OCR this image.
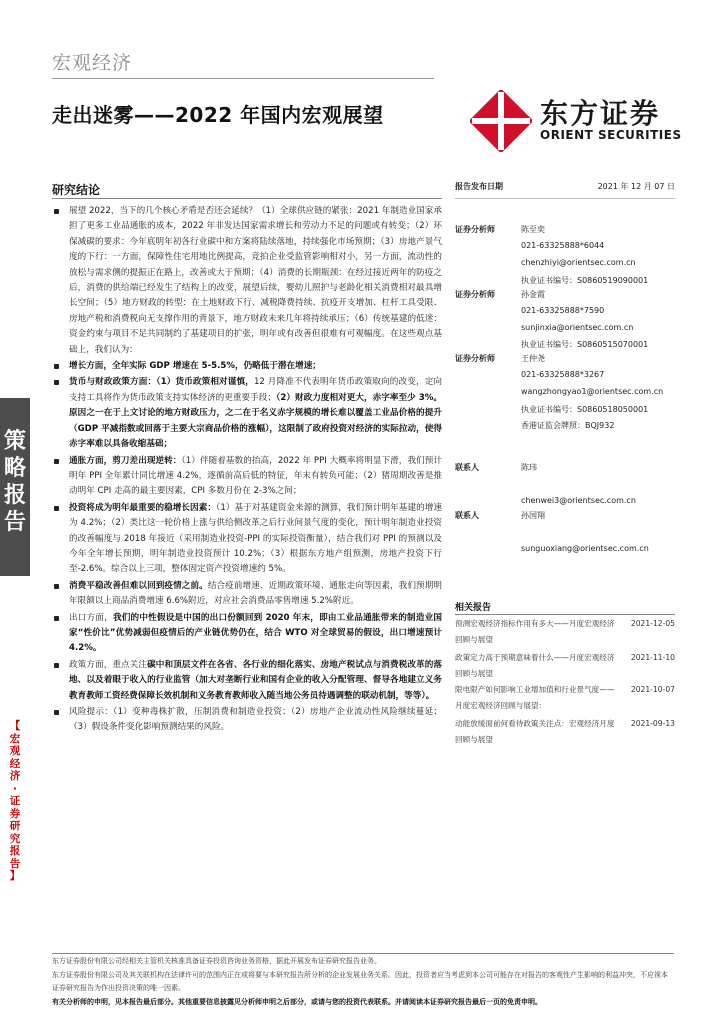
宏观经济
走出迷雾——2022 年国内宏观展望	东方证券
ORIENT SECURITIES
研究结论
策
略
报
告
【
宏
观
经
济
·
证
券
研
究
报
告
】
展望 2022，当下的几个核心矛盾是否还会延续？（1）全球供应链的紧张：2021 年制造业国家承担了更多工业品通胀的成本，2022 年非发达国家需求增长和劳动力不足的问题或有转变；（2）环保减碳的要求：今年底明年初各行业碳中和方案将陆续落地，持续强化市场预期；（3）房地产景气度的下行：一方面，保障性住宅用地比例提高，竞拍企业受监管影响相对小，另一方面，流动性的放松与需求侧的提振正在路上，改善或大于预期；（4）消费的长期瓶颈：在经过接近两年的防疫之后，消费的供给端已经发生了结构上的改变，展望后续，婴幼儿照护与老龄化相关消费相对最具增长空间；（5）地方财政的转型：在土地财政下行、减税降费持续、抗疫开支增加、杠杆工具受限、房地产税和消费税向无支撑作用的背景下，地方财政未来几年将持续承压；（6）传统基建的低迷：资金约束与项目不足共同制约了基建项目的扩张，明年或有改善但很难有可观幅度。在这些观点基础上，我们认为：
增长方面，全年实际 GDP 增速在 5-5.5%，仍略低于潜在增速；
货币与财政政策方面：（1）货币政策相对谨慎，12 月降准不代表明年货币政策取向的改变，定向支持工具将作为货币政策支持实体经济的更重要手段；（2）财政力度相对更大，赤字率至少 3%。原因之一在于上文讨论的地方财政压力，之二在于名义赤字规模的增长难以覆盖工业品价格的提升（GDP 平减指数或回落于主要大宗商品价格的涨幅），这限制了政府投资对经济的实际拉动，使得赤字率难以具备收缩基础；
通胀方面，剪刀差出现逆转：（1）伴随着基数的抬高，2022 年 PPI 大概率将明显下滑，我们预计明年 PPI 全年累计同比增速 4.2%，逐循前高后低的特征，年末有转负可能；（2）猪周期改善是推动明年 CPI 走高的最主要因素，CPI 多数月份在 2-3%之间；
投资将成为明年最重要的稳增长因素：（1）基于对基建资金来源的测算，我们预计明年基建的增速为 4.2%；（2）类比这一轮价格上涨与供给侧改革之后行业间景气度的变化，预计明年制造业投资的改善幅度与 2018 年接近（采用制造业投资-PPI 的实际投资衡量），结合我们对 PPI 的预测以及今年全年增长预期，明年制造业投资预计 10.2%；（3）根据东方地产组预测，房地产投资下行至-2.6%。综合以上三项，整体固定资产投资增速约 5%。
消费平稳改善但难以回到疫情之前。结合疫前增速、近期政策环境、通胀走向等因素，我们预期明年限额以上商品消费增速 6.6%附近，对应社会消费品零售增速 5.2%附近。
出口方面，我们的中性假设是中国的出口份额回到 2020 年末，即由工业品通胀带来的制造业国家“性价比”优势减弱但疫情后的产业链优势仍在，结合 WTO 对全球贸易的假设，出口增速预计 4.2%。
政策方面，重点关注碳中和顶层文件在各省、各行业的细化落实、房地产税试点与消费税改革的落地、以及着眼于收入的行业监管（加大对垄断行业和国有企业的收入分配管理、督导各地建立义务教育教师工资经费保障长效机制和义务教育教师收入随当地公务员待遇调整的联动机制，等等）。
风险提示：（1）变种毒株扩散，压制消费和制造业投资；（2）房地产企业流动性风险继续蔓延；（3）假设条件变化影响预测结果的风险。
报告发布日期	2021 年 12 月 07 日
证券分析师	陈至奕
021-63325888*6044
chenzhiyi@orientsec.com.cn
执业证书编号：S0860519090001
证券分析师	孙金霞
021-63325888*7590
sunjinxia@orientsec.com.cn
执业证书编号：S0860515070001
证券分析师	王仲尧
021-63325888*3267
wangzhongyao1@orientsec.com.cn
执业证书编号：S0860518050001
香港证监会牌照：BQJ932
联系人	陈玮
chenwei3@orientsec.com.cn
联系人	孙国翔
sunguoxiang@orientsec.com.cn
相关报告
预测宏观经济指标作用有多大——月度宏观经济回顾与展望
2021-12-05
政策定力高于预期意味着什么——月度宏观经济回顾与展望
2021-11-10
限电限产如何影响工业增加值和行业景气度——月度宏观经济回顾与展望：
2021-10-07
动能放缓面前何看待政策关注点：宏观经济月度回顾与展望
2021-09-13
东方证券股份有限公司经相关主管机关核准具备证券投资咨询业务资格，据此开展发布证券研究报告业务。
东方证券股份有限公司及其关联机构在法律许可的范围内正在或将要与本研究报告所分析的企业发展业务关系。因此，投资者应当考虑到本公司可能存在对报告的客观性产生影响的利益冲突，不应视本证券研究报告为作出投资决策的唯一因素。
有关分析师的申明，见本报告最后部分。其他重要信息披露见分析师申明之后部分，或请与您的投资代表联系。并请阅读本证券研究报告最后一页的免责申明。
